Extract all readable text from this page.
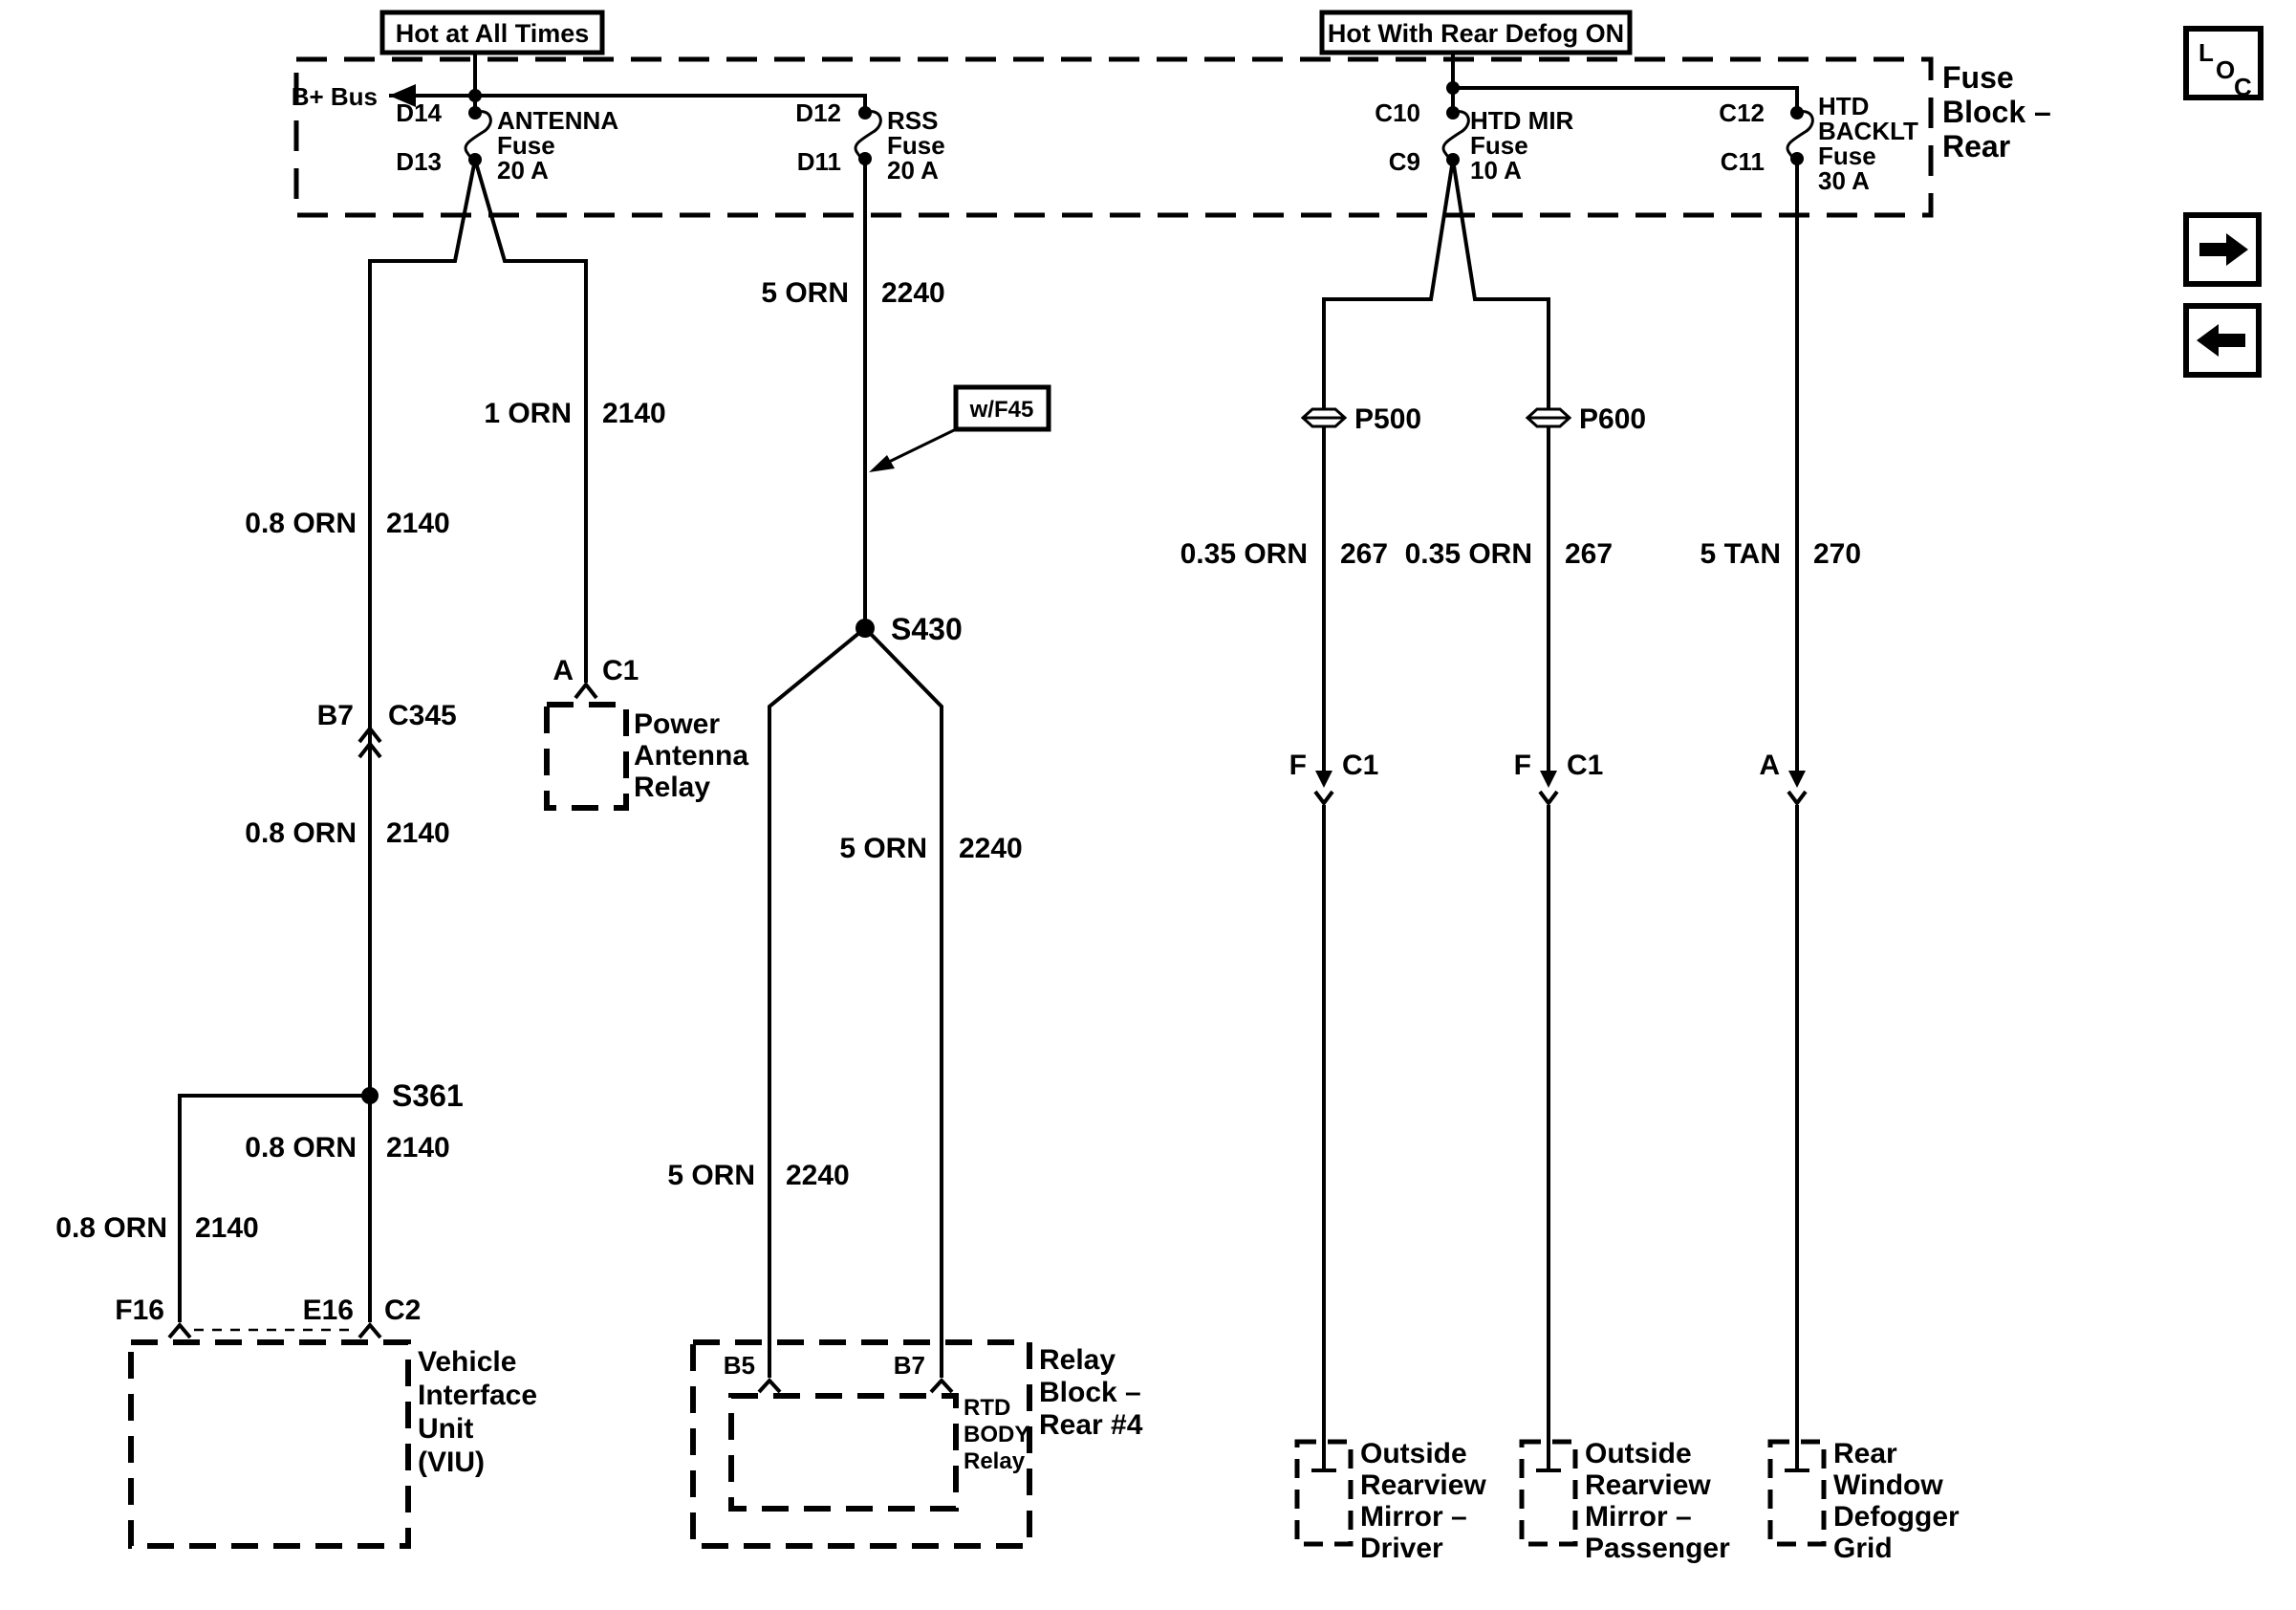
Hot at All Times	Hot With Rear Defog ON
Fuse
Block –
Rear
B+ Bus
D14
D13
ANTENNA
Fuse
20 A
D12
D11
RSS
Fuse
20 A
C10
C9
HTD MIR
Fuse
10 A
C12
C11
HTD
BACKLT
Fuse
30 A
P500	P600
0.35 ORN 267 0.35 ORN 267	5 TAN 270
F C1	F C1	A
Outside
Rearview
Mirror –
Driver
Outside
Rearview
Mirror –
Passenger
Rear
Window
Defogger
Grid
1 ORN 2140
0.8 ORN 2140
B7 C345
0.8 ORN 2140
A C1
Power
Antenna
Relay
S361
0.8 ORN 2140
0.8 ORN 2140
F16	E16 C2
Vehicle
Interface
Unit
(VIU)
w/F45
S430
5 ORN 2240
5 ORN 2240
5 ORN 2240
B5	B7
RTD
BODY
Relay
Relay
Block –
Rear #4
L
O
C
